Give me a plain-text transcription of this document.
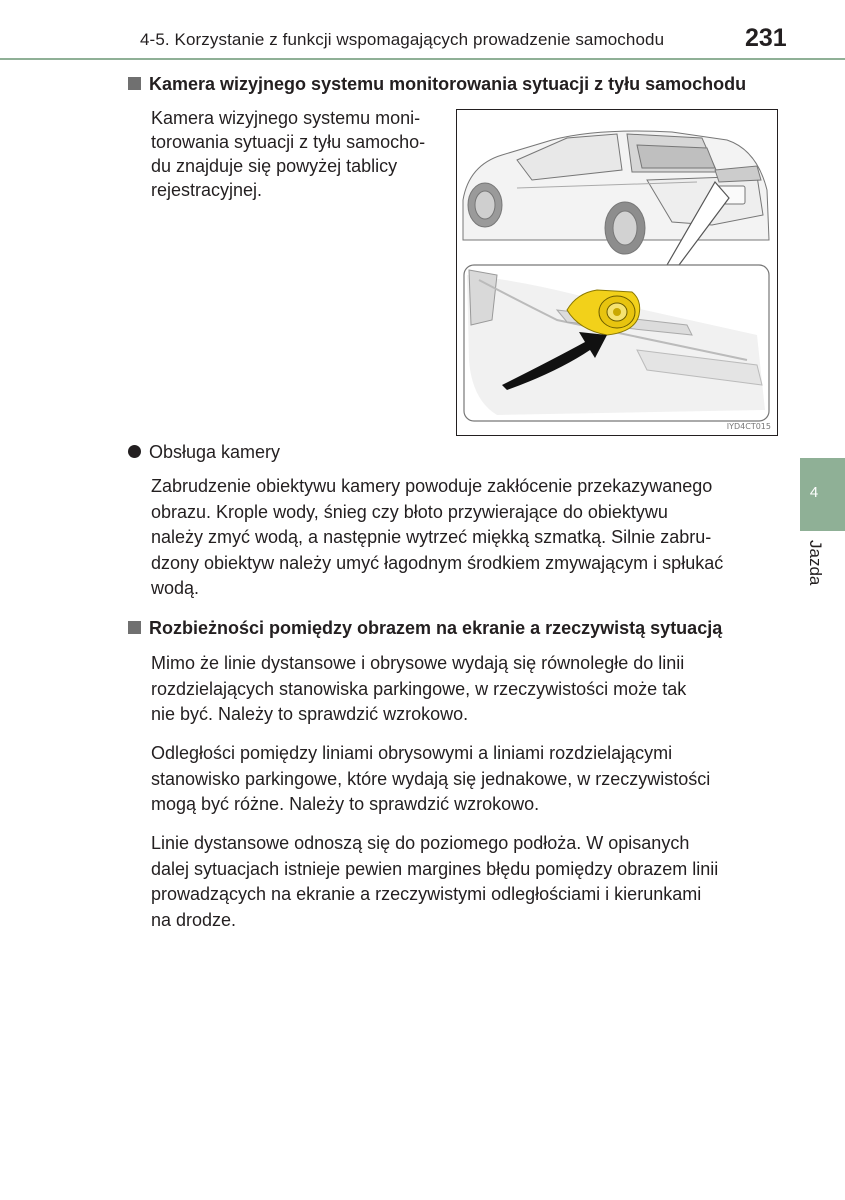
4-5. Korzystanie z funkcji wspomagających prowadzenie samochodu	231
Kamera wizyjnego systemu monitorowania sytuacji z tyłu samochodu
Kamera wizyjnego systemu moni-
torowania sytuacji z tyłu samocho-
du znajduje się powyżej tablicy
rejestracyjnej.
IYD4CT015
Obsługa kamery
Zabrudzenie obiektywu kamery powoduje zakłócenie przekazywanego
obrazu. Krople wody, śnieg czy błoto przywierające do obiektywu
należy zmyć wodą, a następnie wytrzeć miękką szmatką. Silnie zabru-
dzony obiektyw należy umyć łagodnym środkiem zmywającym i spłukać
wodą.
Rozbieżności pomiędzy obrazem na ekranie a rzeczywistą sytuacją
Mimo że linie dystansowe i obrysowe wydają się równoległe do linii
rozdzielających stanowiska parkingowe, w rzeczywistości może tak
nie być. Należy to sprawdzić wzrokowo.
Odległości pomiędzy liniami obrysowymi a liniami rozdzielającymi
stanowisko parkingowe, które wydają się jednakowe, w rzeczywistości
mogą być różne. Należy to sprawdzić wzrokowo.
Linie dystansowe odnoszą się do poziomego podłoża. W opisanych
dalej sytuacjach istnieje pewien margines błędu pomiędzy obrazem linii
prowadzących na ekranie a rzeczywistymi odległościami i kierunkami
na drodze.
4
Jazda
